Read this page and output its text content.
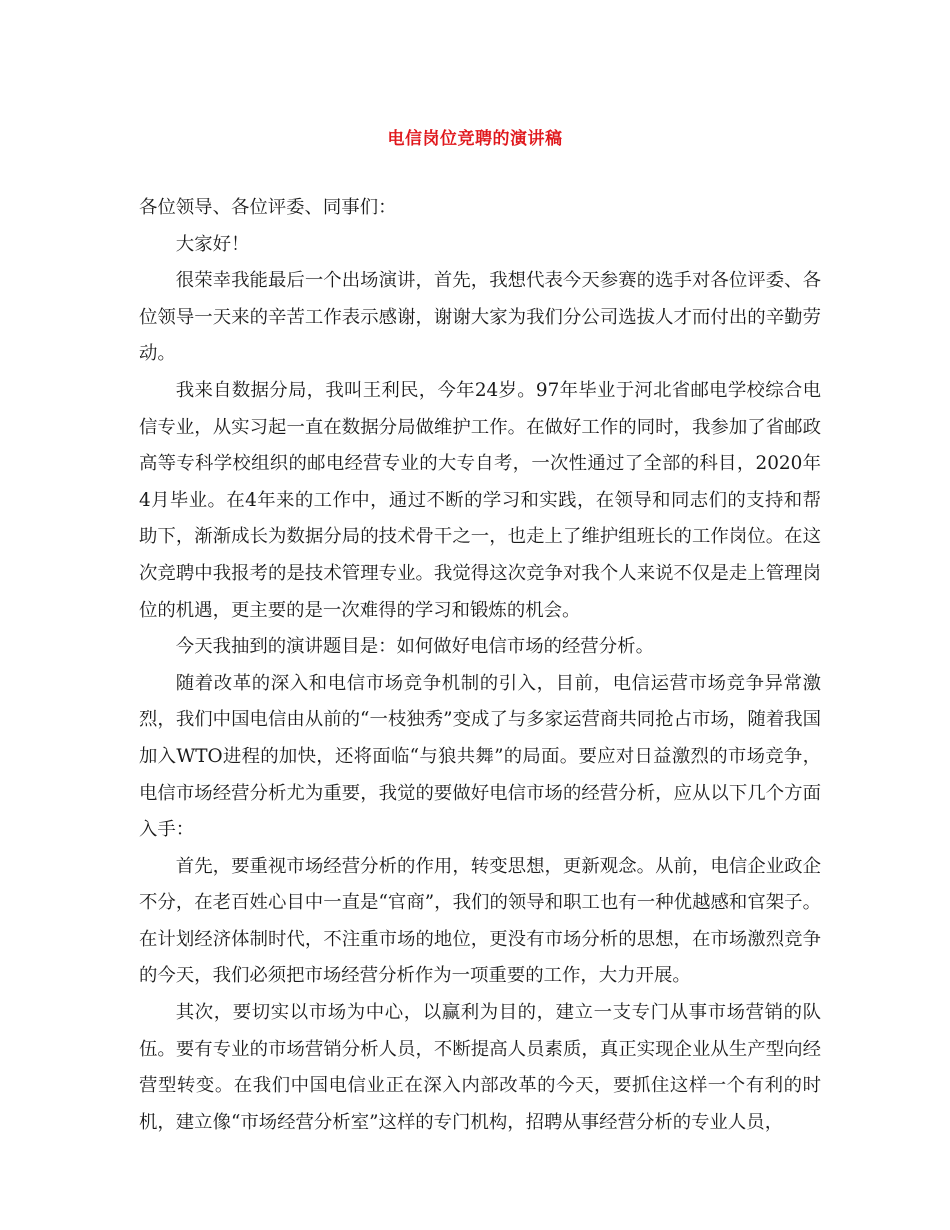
电信岗位竞聘的演讲稿

各位领导、各位评委、同事们：

大家好！

很荣幸我能最后一个出场演讲，首先，我想代表今天参赛的选手对各位评委、各位领导一天来的辛苦工作表示感谢，谢谢大家为我们分公司选拔人才而付出的辛勤劳动。

我来自数据分局，我叫王利民，今年24岁。97年毕业于河北省邮电学校综合电信专业，从实习起一直在数据分局做维护工作。在做好工作的同时，我参加了省邮政高等专科学校组织的邮电经营专业的大专自考，一次性通过了全部的科目，2020年4月毕业。在4年来的工作中，通过不断的学习和实践，在领导和同志们的支持和帮助下，渐渐成长为数据分局的技术骨干之一，也走上了维护组班长的工作岗位。在这次竞聘中我报考的是技术管理专业。我觉得这次竞争对我个人来说不仅是走上管理岗位的机遇，更主要的是一次难得的学习和锻炼的机会。

今天我抽到的演讲题目是：如何做好电信市场的经营分析。

随着改革的深入和电信市场竞争机制的引入，目前，电信运营市场竞争异常激烈，我们中国电信由从前的“一枝独秀”变成了与多家运营商共同抢占市场，随着我国加入WTO进程的加快，还将面临“与狼共舞”的局面。要应对日益激烈的市场竞争，电信市场经营分析尤为重要，我觉的要做好电信市场的经营分析，应从以下几个方面入手：

首先，要重视市场经营分析的作用，转变思想，更新观念。从前，电信企业政企不分，在老百姓心目中一直是“官商”，我们的领导和职工也有一种优越感和官架子。在计划经济体制时代，不注重市场的地位，更没有市场分析的思想，在市场激烈竞争的今天，我们必须把市场经营分析作为一项重要的工作，大力开展。

其次，要切实以市场为中心，以赢利为目的，建立一支专门从事市场营销的队伍。要有专业的市场营销分析人员，不断提高人员素质，真正实现企业从生产型向经营型转变。在我们中国电信业正在深入内部改革的今天，要抓住这样一个有利的时机，建立像“市场经营分析室”这样的专门机构，招聘从事经营分析的专业人员，
